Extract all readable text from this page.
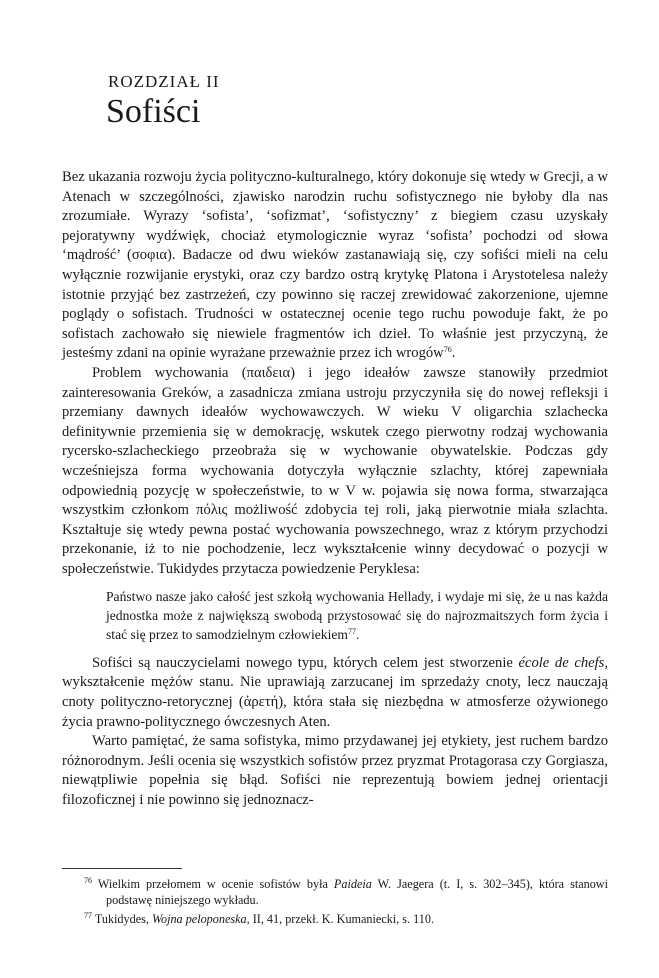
ROZDZIAŁ II
Sofiści

Bez ukazania rozwoju życia polityczno-kulturalnego, który dokonuje się wtedy w Grecji, a w Atenach w szczególności, zjawisko narodzin ruchu sofistycznego nie byłoby dla nas zrozumiałe. Wyrazy ‘sofista’, ‘sofizmat’, ‘sofistyczny’ z biegiem czasu uzyskały pejoratywny wydźwięk, chociaż etymologicznie wyraz ‘sofista’ pochodzi od słowa ‘mądrość’ (σοφια). Badacze od dwu wieków zastanawiają się, czy sofiści mieli na celu wyłącznie rozwijanie erystyki, oraz czy bardzo ostrą krytykę Platona i Arystotelesa należy istotnie przyjąć bez zastrzeżeń, czy powinno się raczej zrewidować zakorzenione, ujemne poglądy o sofistach. Trudności w ostatecznej ocenie tego ruchu powoduje fakt, że po sofistach zachowało się niewiele fragmentów ich dzieł. To właśnie jest przyczyną, że jesteśmy zdani na opinie wyrażane przeważnie przez ich wrogów$^{76}$.

Problem wychowania (παιδεια) i jego ideałów zawsze stanowiły przedmiot zainteresowania Greków, a zasadnicza zmiana ustroju przyczyniła się do nowej refleksji i przemiany dawnych ideałów wychowawczych. W wieku V oligarchia szlachecka definitywnie przemienia się w demokrację, wskutek czego pierwotny rodzaj wychowania rycersko-szlacheckiego przeobraża się w wychowanie obywatelskie. Podczas gdy wcześniejsza forma wychowania dotyczyła wyłącznie szlachty, której zapewniała odpowiednią pozycję w społeczeństwie, to w V w. pojawia się nowa forma, stwarzająca wszystkim członkom πόλις możliwość zdobycia tej roli, jaką pierwotnie miała szlachta. Kształtuje się wtedy pewna postać wychowania powszechnego, wraz z którym przychodzi przekonanie, iż to nie pochodzenie, lecz wykształcenie winny decydować o pozycji w społeczeństwie. Tukidydes przytacza powiedzenie Peryklesa:

Państwo nasze jako całość jest szkołą wychowania Hellady, i wydaje mi się, że u nas każda jednostka może z największą swobodą przystosować się do najrozmaitszych form życia i stać się przez to samodzielnym człowiekiem$^{77}$.

Sofiści są nauczycielami nowego typu, których celem jest stworzenie école de chefs, wykształcenie mężów stanu. Nie uprawiają zarzucanej im sprzedaży cnoty, lecz nauczają cnoty polityczno-retorycznej (ἀρετή), która stała się niezbędna w atmosferze ożywionego życia prawno-politycznego ówczesnych Aten.

Warto pamiętać, że sama sofistyka, mimo przydawanej jej etykiety, jest ruchem bardzo różnorodnym. Jeśli ocenia się wszystkich sofistów przez pryzmat Protagorasa czy Gorgiasza, niewątpliwie popełnia się błąd. Sofiści nie reprezentują bowiem jednej orientacji filozoficznej i nie powinno się jednoznacz-

$^{76}$ Wielkim przełomem w ocenie sofistów była Paideia W. Jaegera (t. I, s. 302–345), która stanowi podstawę niniejszego wykładu.

$^{77}$ Tukidydes, Wojna peloponeska, II, 41, przekł. K. Kumaniecki, s. 110.
